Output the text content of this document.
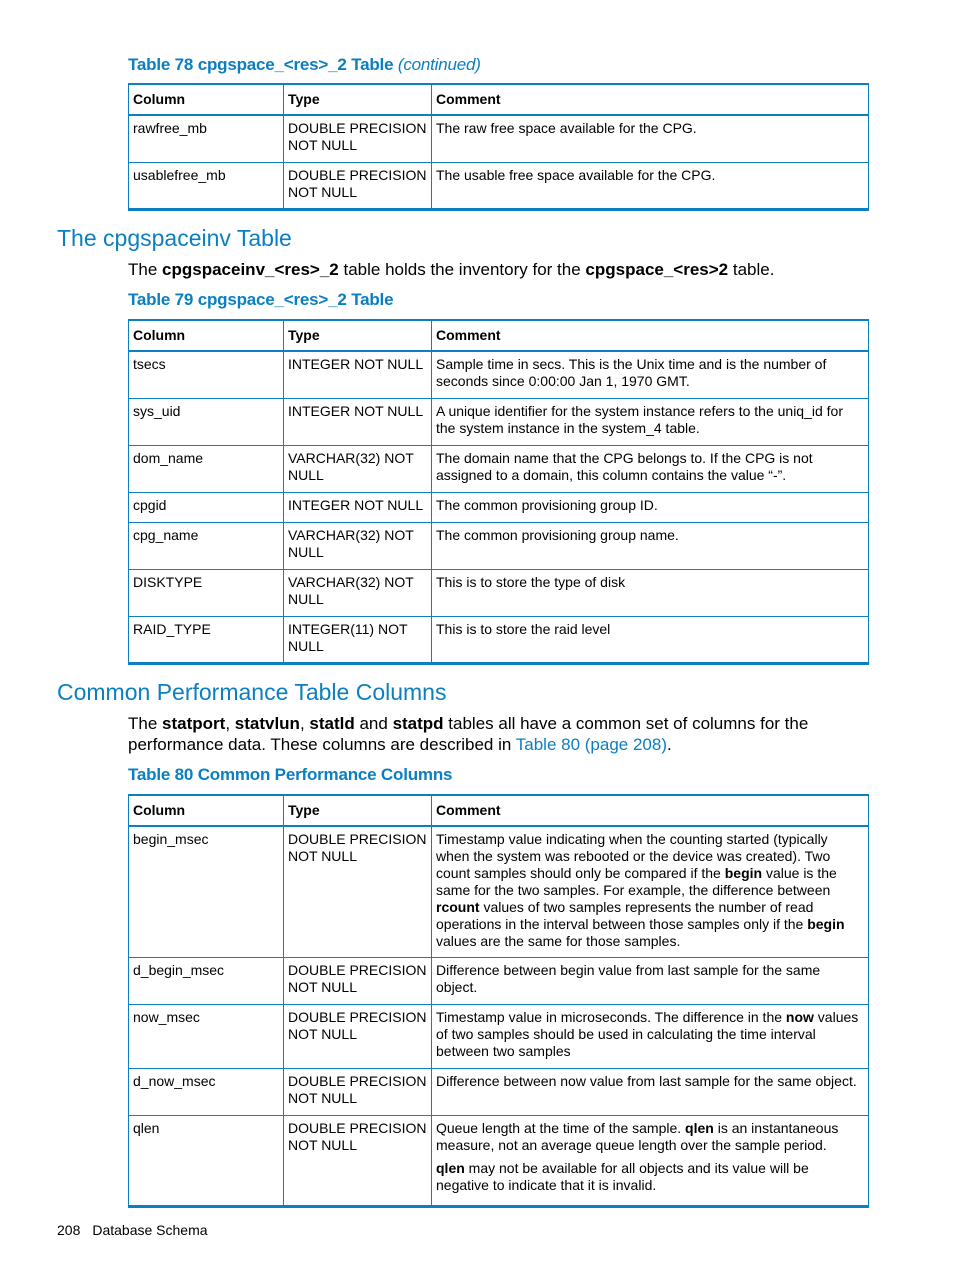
Table 78 cpgspace_<res>_2 Table (continued)
Column	Type	Comment
rawfree_mb	DOUBLE PRECISION NOT NULL	The raw free space available for the CPG.
usablefree_mb	DOUBLE PRECISION NOT NULL	The usable free space available for the CPG.
The cpgspaceinv Table
The cpgspaceinv_<res>_2 table holds the inventory for the cpgspace_<res>2 table.
Table 79 cpgspace_<res>_2 Table
Column	Type	Comment
tsecs	INTEGER NOT NULL	Sample time in secs. This is the Unix time and is the number of seconds since 0:00:00 Jan 1, 1970 GMT.
sys_uid	INTEGER NOT NULL	A unique identifier for the system instance refers to the uniq_id for the system instance in the system_4 table.
dom_name	VARCHAR(32) NOT NULL	The domain name that the CPG belongs to. If the CPG is not assigned to a domain, this column contains the value “-”.
cpgid	INTEGER NOT NULL	The common provisioning group ID.
cpg_name	VARCHAR(32) NOT NULL	The common provisioning group name.
DISKTYPE	VARCHAR(32) NOT NULL	This is to store the type of disk
RAID_TYPE	INTEGER(11) NOT NULL	This is to store the raid level
Common Performance Table Columns
The statport, statvlun, statld and statpd tables all have a common set of columns for the performance data. These columns are described in Table 80 (page 208).
Table 80 Common Performance Columns
Column	Type	Comment
begin_msec	DOUBLE PRECISION NOT NULL	Timestamp value indicating when the counting started (typically when the system was rebooted or the device was created). Two count samples should only be compared if the begin value is the same for the two samples. For example, the difference between rcount values of two samples represents the number of read operations in the interval between those samples only if the begin values are the same for those samples.
d_begin_msec	DOUBLE PRECISION NOT NULL	Difference between begin value from last sample for the same object.
now_msec	DOUBLE PRECISION NOT NULL	Timestamp value in microseconds. The difference in the now values of two samples should be used in calculating the time interval between two samples
d_now_msec	DOUBLE PRECISION NOT NULL	Difference between now value from last sample for the same object.
qlen	DOUBLE PRECISION NOT NULL	Queue length at the time of the sample. qlen is an instantaneous measure, not an average queue length over the sample period.

qlen may not be available for all objects and its value will be negative to indicate that it is invalid.

208 Database Schema
